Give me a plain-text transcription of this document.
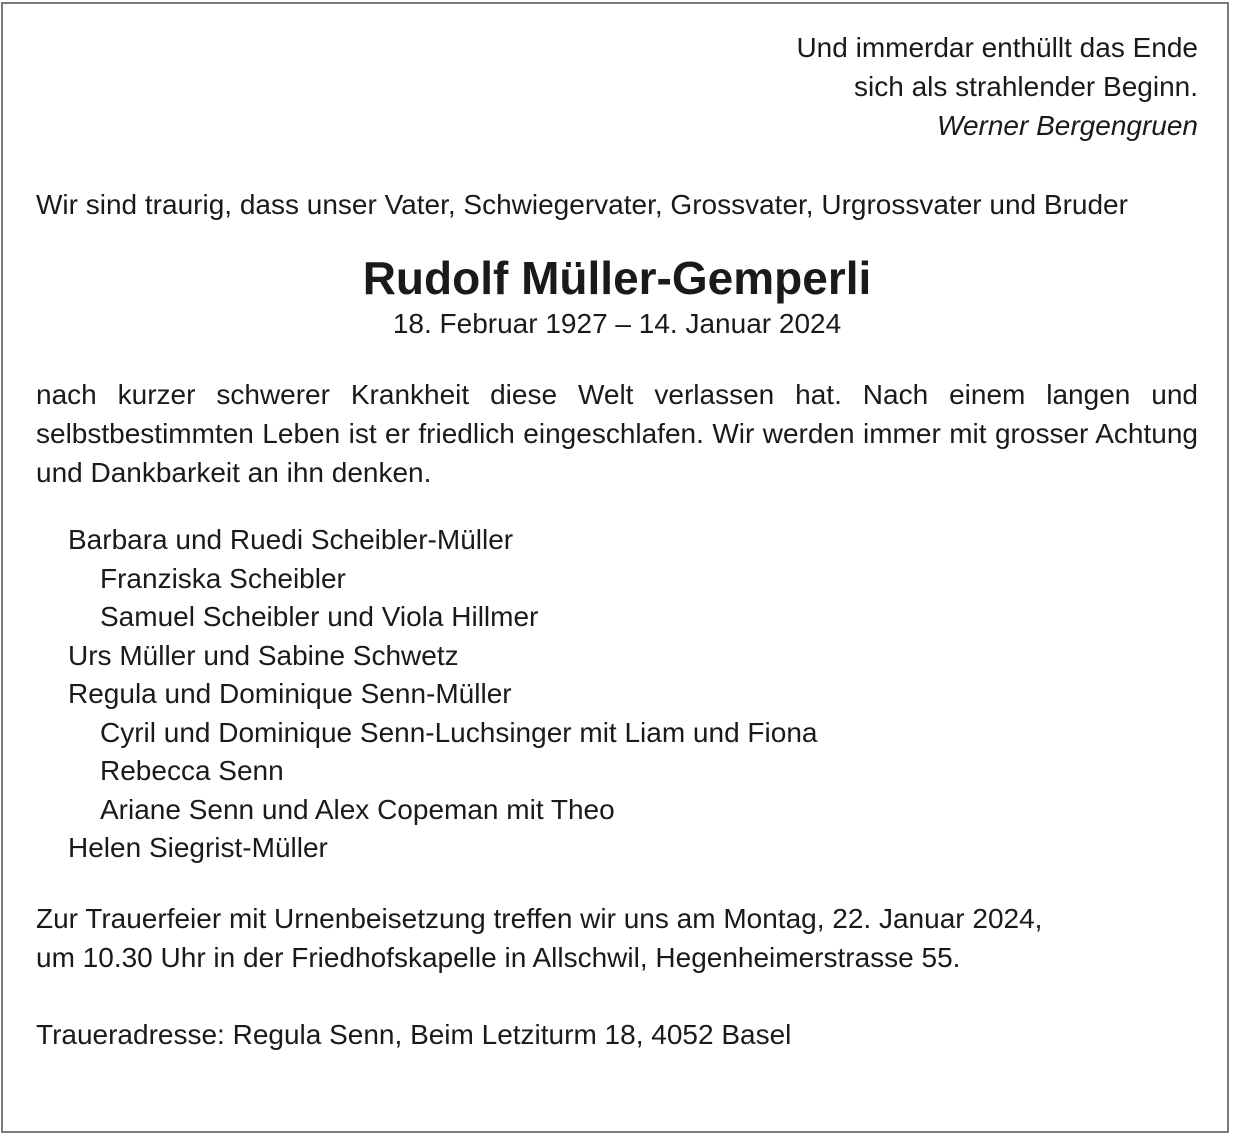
Und immerdar enthüllt das Ende
sich als strahlender Beginn.
Werner Bergengruen
Wir sind traurig, dass unser Vater, Schwiegervater, Grossvater, Urgrossvater und Bruder
Rudolf Müller-Gemperli
18. Februar 1927 – 14. Januar 2024
nach kurzer schwerer Krankheit diese Welt verlassen hat. Nach einem langen und selbstbestimmten Leben ist er friedlich eingeschlafen. Wir werden immer mit grosser Achtung und Dankbarkeit an ihn denken.
Barbara und Ruedi Scheibler-Müller
Franziska Scheibler
Samuel Scheibler und Viola Hillmer
Urs Müller und Sabine Schwetz
Regula und Dominique Senn-Müller
Cyril und Dominique Senn-Luchsinger mit Liam und Fiona
Rebecca Senn
Ariane Senn und Alex Copeman mit Theo
Helen Siegrist-Müller
Zur Trauerfeier mit Urnenbeisetzung treffen wir uns am Montag, 22. Januar 2024,
um 10.30 Uhr in der Friedhofskapelle in Allschwil, Hegenheimerstrasse 55.
Traueradresse: Regula Senn, Beim Letziturm 18, 4052 Basel
